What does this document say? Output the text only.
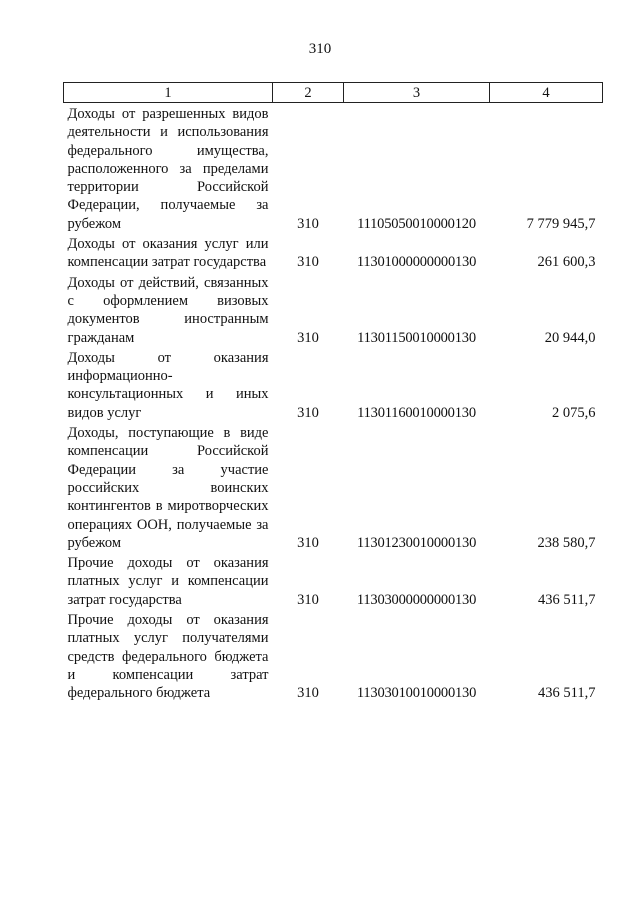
310
1	2	3	4
Доходы от разрешенных видов деятельности и использования федерального имущества, расположенного за пределами территории Российской Федерации, получаемые за рубежом	310	11105050010000120	7 779 945,7

Доходы от оказания услуг или компенсации затрат государства	310	11301000000000130	261 600,3

Доходы от действий, связанных с оформлением визовых документов иностранным гражданам	310	11301150010000130	20 944,0

Доходы от оказания информационно-консультационных и иных видов услуг	310	11301160010000130	2 075,6

Доходы, поступающие в виде компенсации Российской Федерации за участие российских воинских контингентов в миротворческих операциях ООН, получаемые за рубежом	310	11301230010000130	238 580,7

Прочие доходы от оказания платных услуг и компенсации затрат государства	310	11303000000000130	436 511,7

Прочие доходы от оказания платных услуг получателями средств федерального бюджета и компенсации затрат федерального бюджета	310	11303010010000130	436 511,7
